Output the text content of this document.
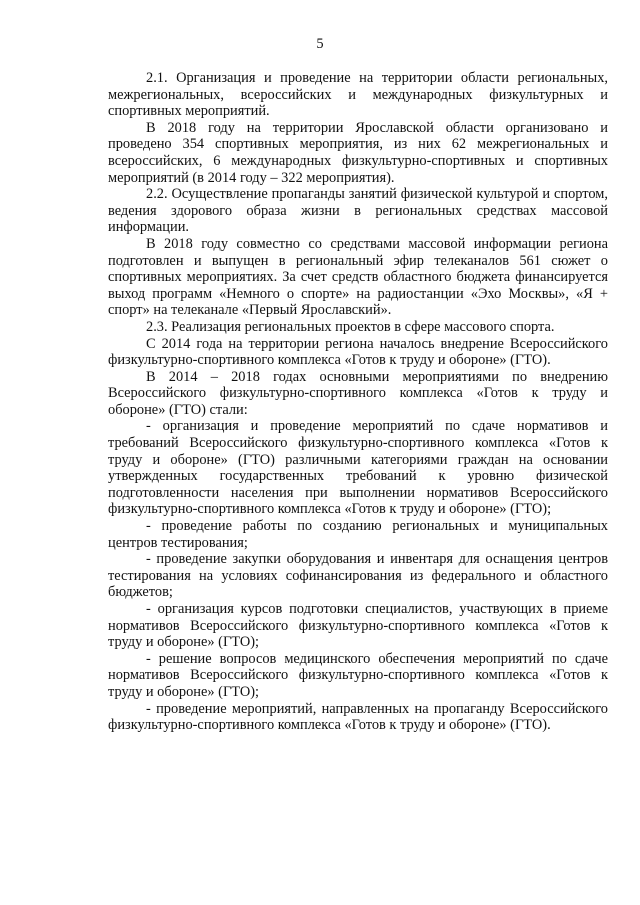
5

2.1. Организация и проведение на территории области региональных, межрегиональных, всероссийских и международных физкультурных и спортивных мероприятий.

В 2018 году на территории Ярославской области организовано и проведено 354 спортивных мероприятия, из них 62 межрегиональных и всероссийских, 6 международных физкультурно-спортивных и спортивных мероприятий (в 2014 году – 322 мероприятия).

2.2. Осуществление пропаганды занятий физической культурой и спортом, ведения здорового образа жизни в региональных средствах массовой информации.

В 2018 году совместно со средствами массовой информации региона подготовлен и выпущен в региональный эфир телеканалов 561 сюжет о спортивных мероприятиях. За счет средств областного бюджета финансируется выход программ «Немного о спорте» на радиостанции «Эхо Москвы», «Я + спорт» на телеканале «Первый Ярославский».

2.3. Реализация региональных проектов в сфере массового спорта.

С 2014 года на территории региона началось внедрение Всероссийского физкультурно-спортивного комплекса «Готов к труду и обороне» (ГТО).

В 2014 – 2018 годах основными мероприятиями по внедрению Всероссийского физкультурно-спортивного комплекса «Готов к труду и обороне» (ГТО) стали:

- организация и проведение мероприятий по сдаче нормативов и требований Всероссийского физкультурно-спортивного комплекса «Готов к труду и обороне» (ГТО) различными категориями граждан на основании утвержденных государственных требований к уровню физической подготовленности населения при выполнении нормативов Всероссийского физкультурно-спортивного комплекса «Готов к труду и обороне» (ГТО);

- проведение работы по созданию региональных и муниципальных центров тестирования;

- проведение закупки оборудования и инвентаря для оснащения центров тестирования на условиях софинансирования из федерального и областного бюджетов;

- организация курсов подготовки специалистов, участвующих в приеме нормативов Всероссийского физкультурно-спортивного комплекса «Готов к труду и обороне» (ГТО);

- решение вопросов медицинского обеспечения мероприятий по сдаче нормативов Всероссийского физкультурно-спортивного комплекса «Готов к труду и обороне» (ГТО);

- проведение мероприятий, направленных на пропаганду Всероссийского физкультурно-спортивного комплекса «Готов к труду и обороне» (ГТО).
